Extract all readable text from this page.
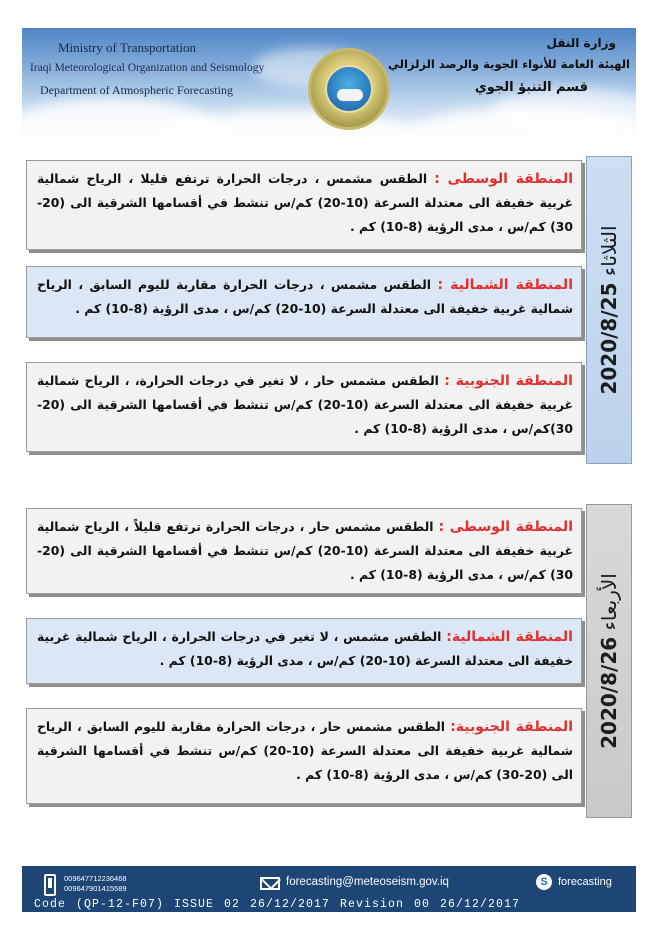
Ministry of Transportation
Iraqi Meteorological Organization and Seismology
Department of Atmospheric Forecasting
وزارة النقل
الهيئة العامة للأنواء الجوية والرصد الزلزالي
قسم التنبؤ الجوي
الثلاثاء 2020/8/25
المنطقة الوسطى : الطقس مشمس ، درجات الحرارة ترتفع قليلا ، الرياح شمالية غربية خفيفة الى معتدلة السرعة (10-20) كم/س تنشط في أقسامها الشرقية الى (20-30) كم/س ، مدى الرؤية (8-10) كم .
المنطقة الشمالية : الطقس مشمس ، درجات الحرارة مقاربة لليوم السابق ، الرياح شمالية غربية خفيفة الى معتدلة السرعة (10-20) كم/س ، مدى الرؤية (8-10) كم .
المنطقة الجنوبية : الطقس مشمس حار ، لا تغير في درجات الحرارة، ، الرياح شمالية غربية خفيفة الى معتدلة السرعة (10-20) كم/س تنشط في أقسامها الشرقية الى (20-30)كم/س ، مدى الرؤية (8-10) كم .
الأربعاء 2020/8/26
المنطقة الوسطى : الطقس مشمس حار ، درجات الحرارة ترتفع قليلاً ، الرياح شمالية غربية خفيفة الى معتدلة السرعة (10-20) كم/س تنشط في أقسامها الشرقية الى (20-30) كم/س ، مدى الرؤية (8-10) كم .
المنطقة الشمالية: الطقس مشمس ، لا تغير في درجات الحرارة ، الرياح شمالية غربية خفيفة الى معتدلة السرعة (10-20) كم/س ، مدى الرؤية (8-10) كم .
المنطقة الجنوبية: الطقس مشمس حار ، درجات الحرارة مقاربة لليوم السابق ، الرياح شمالية غربية خفيفة الى معتدلة السرعة (10-20) كم/س تنشط في أقسامها الشرقية الى (20-30) كم/س ، مدى الرؤية (8-10) كم .
009647712236468
009647901415589
forecasting@meteoseism.gov.iq	S forecasting
Code (QP-12-F07) ISSUE 02 26/12/2017 Revision 00 26/12/2017
